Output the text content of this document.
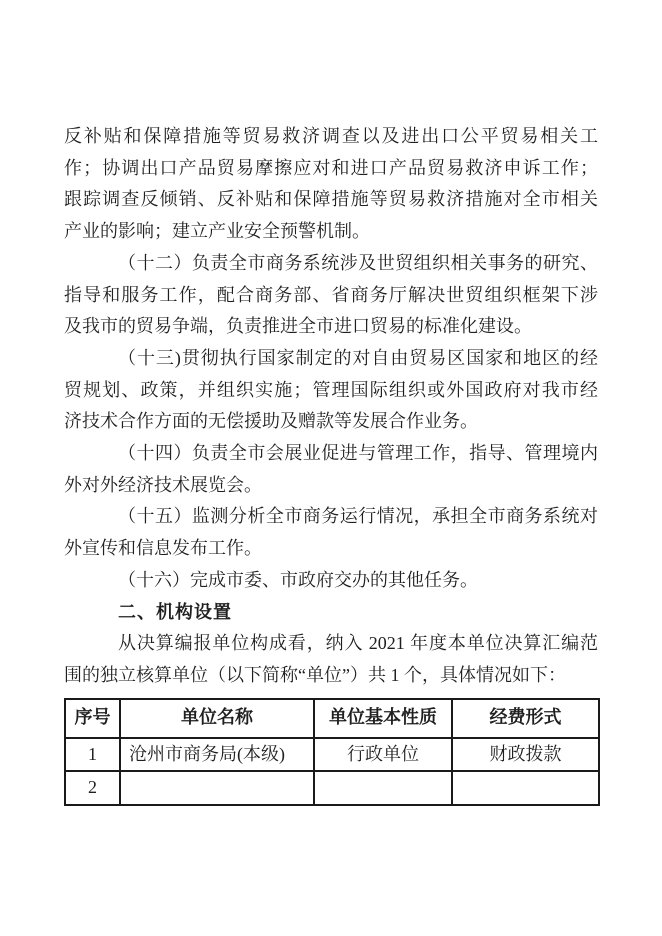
反补贴和保障措施等贸易救济调查以及进出口公平贸易相关工
作；协调出口产品贸易摩擦应对和进口产品贸易救济申诉工作；
跟踪调查反倾销、反补贴和保障措施等贸易救济措施对全市相关
产业的影响；建立产业安全预警机制。
（十二）负责全市商务系统涉及世贸组织相关事务的研究、
指导和服务工作，配合商务部、省商务厅解决世贸组织框架下涉
及我市的贸易争端，负责推进全市进口贸易的标准化建设。
（十三)贯彻执行国家制定的对自由贸易区国家和地区的经
贸规划、政策，并组织实施；管理国际组织或外国政府对我市经
济技术合作方面的无偿援助及赠款等发展合作业务。
（十四）负责全市会展业促进与管理工作，指导、管理境内
外对外经济技术展览会。
（十五）监测分析全市商务运行情况，承担全市商务系统对
外宣传和信息发布工作。
（十六）完成市委、市政府交办的其他任务。
二、机构设置
从决算编报单位构成看，纳入 2021 年度本单位决算汇编范
围的独立核算单位（以下简称“单位”）共 1 个，具体情况如下：
序号	单位名称	单位基本性质	经费形式
1	沧州市商务局(本级)	行政单位	财政拨款
2			
